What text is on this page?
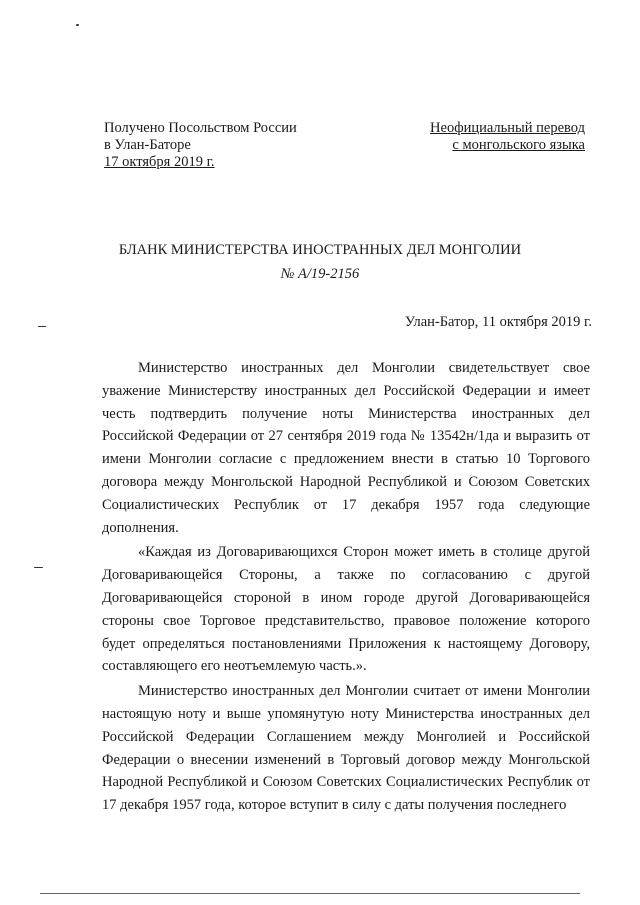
Получено Посольством России
в Улан-Баторе
17 октября 2019 г.
Неофициальный перевод
с монгольского языка
БЛАНК МИНИСТЕРСТВА ИНОСТРАННЫХ ДЕЛ МОНГОЛИИ
№ А/19-2156
Улан-Батор, 11 октября 2019 г.

Министерство иностранных дел Монголии свидетельствует свое уважение Министерству иностранных дел Российской Федерации и имеет честь подтвердить получение ноты Министерства иностранных дел Российской Федерации от 27 сентября 2019 года № 13542н/1да и выразить от имени Монголии согласие с предложением внести в статью 10 Торгового договора между Монгольской Народной Республикой и Союзом Советских Социалистических Республик от 17 декабря 1957 года следующие дополнения.

«Каждая из Договаривающихся Сторон может иметь в столице другой Договаривающейся Стороны, а также по согласованию с другой Договаривающейся стороной в ином городе другой Договаривающейся стороны свое Торговое представительство, правовое положение которого будет определяться постановлениями Приложения к настоящему Договору, составляющего его неотъемлемую часть.».

Министерство иностранных дел Монголии считает от имени Монголии настоящую ноту и выше упомянутую ноту Министерства иностранных дел Российской Федерации Соглашением между Монголией и Российской Федерации о внесении изменений в Торговый договор между Монгольской Народной Республикой и Союзом Советских Социалистических Республик от 17 декабря 1957 года, которое вступит в силу с даты получения последнего
